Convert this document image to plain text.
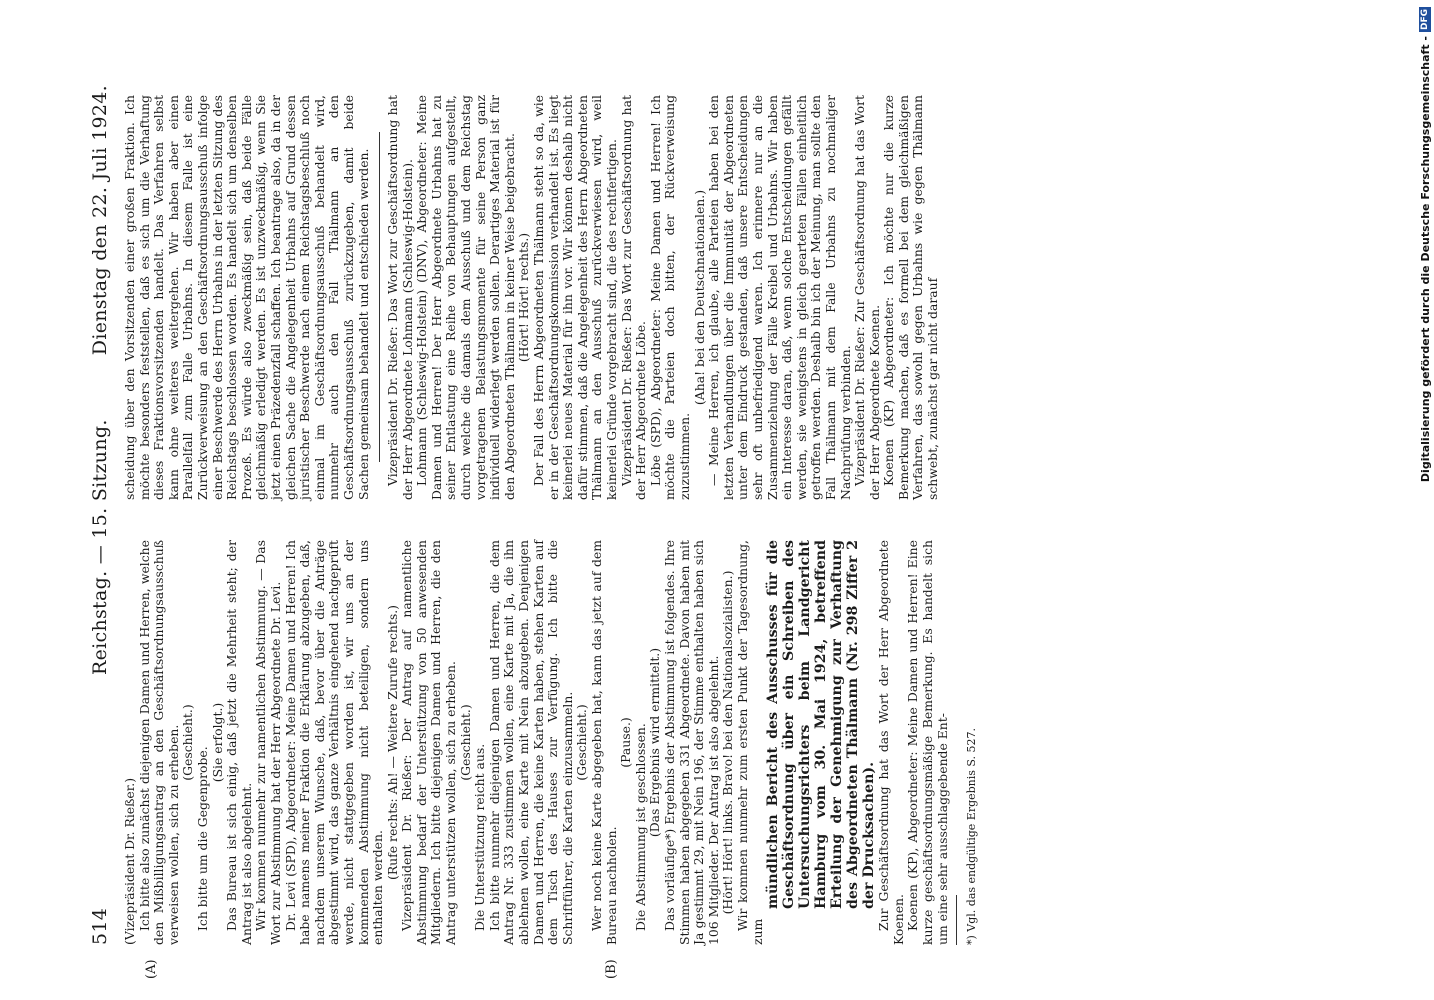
514
Reichstag. — 15. Sitzung.
Dienstag den 22. Juli 1924.
(A)	(B)

(Vizepräsident Dr. Rießer.) Ich bitte also zunächst diejenigen Damen und Herren, welche den Mißbilligungsantrag an den Geschäftsordnungsausschuß verweisen wollen, sich zu erheben. (Geschieht.)

Ich bitte um die Gegenprobe.

(Sie erfolgt.) Das Bureau ist sich einig, daß jetzt die Mehrheit steht; der Antrag ist also abgelehnt. Wir kommen nunmehr zur namentlichen Abstimmung. — Das Wort zur Abstimmung hat der Herr Abgeordnete Dr. Levi. Dr. Levi (SPD), Abgeordneter: Meine Damen und Herren! Ich habe namens meiner Fraktion die Erklärung abzugeben, daß, nachdem unserem Wunsche, daß, bevor über die Anträge abgestimmt wird, das ganze Verhältnis eingehend nachgeprüft werde, nicht stattgegeben worden ist, wir uns an der kommenden Abstimmung nicht beteiligen, sondern uns enthalten werden.

(Rufe rechts: Ah! — Weitere Zurufe rechts.) Vizepräsident Dr. Rießer: Der Antrag auf namentliche Abstimmung bedarf der Unterstützung von 50 anwesenden Mitgliedern. Ich bitte diejenigen Damen und Herren, die den Antrag unterstützen wollen, sich zu erheben. (Geschieht.)

Die Unterstützung reicht aus. Ich bitte nunmehr diejenigen Damen und Herren, die dem Antrag Nr. 333 zustimmen wollen, eine Karte mit Ja, die ihn ablehnen wollen, eine Karte mit Nein abzugeben. Denjenigen Damen und Herren, die keine Karten haben, stehen Karten auf dem Tisch des Hauses zur Verfügung. Ich bitte die Schriftführer, die Karten einzusammeln. (Geschieht.) Wer noch keine Karte abgegeben hat, kann das jetzt auf dem Bureau nachholen.

(Pause.) Die Abstimmung ist geschlossen. (Das Ergebnis wird ermittelt.) Das vorläufige*) Ergebnis der Abstimmung ist folgendes. Ihre Stimmen haben abgegeben 331 Abgeordnete. Davon haben mit Ja gestimmt 29, mit Nein 196, der Stimme enthalten haben sich 106 Mitglieder. Der Antrag ist also abgelehnt. (Hört! Hört! links. Bravo! bei den Nationalsozialisten.) Wir kommen nunmehr zum ersten Punkt der Tagesordnung, zum

mündlichen Bericht des Ausschusses für die Geschäftsordnung über ein Schreiben des Untersuchungsrichters beim Landgericht Hamburg vom 30. Mai 1924, betreffend Erteilung der Genehmigung zur Verhaftung des Abgeordneten Thälmann (Nr. 298 Ziffer 2 der Drucksachen). Zur Geschäftsordnung hat das Wort der Herr Abgeordnete Koenen. Koenen (KP), Abgeordneter: Meine Damen und Herren! Eine kurze geschäftsordnungsmäßige Bemerkung. Es handelt sich um eine sehr ausschlaggebende Ent- *) Vgl. das endgültige Ergebnis S. 527.

scheidung über den Vorsitzenden einer großen Fraktion. Ich möchte besonders feststellen, daß es sich um die Verhaftung dieses Fraktionsvorsitzenden handelt. Das Verfahren selbst kann ohne weiteres weitergehen. Wir haben aber einen Parallelfall zum Falle Urbahns. In diesem Falle ist eine Zurückverweisung an den Geschäftsordnungsausschuß infolge einer Beschwerde des Herrn Urbahns in der letzten Sitzung des Reichstags beschlossen worden. Es handelt sich um denselben Prozeß. Es würde also zweckmäßig sein, daß beide Fälle gleichmäßig erledigt werden. Es ist unzweckmäßig, wenn Sie jetzt einen Präzedenzfall schaffen. Ich beantrage also, da in der gleichen Sache die Angelegenheit Urbahns auf Grund dessen juristischer Beschwerde nach einem Reichstagsbeschluß noch einmal im Geschäftsordnungsausschuß behandelt wird, nunmehr auch den Fall Thälmann an den Geschäftsordnungsausschuß zurückzugeben, damit beide Sachen gemeinsam behandelt und entschieden werden. Vizepräsident Dr. Rießer: Das Wort zur Geschäftsordnung hat der Herr Abgeordnete Lohmann (Schleswig-Holstein). Lohmann (Schleswig-Holstein) (DNV), Abgeordneter: Meine Damen und Herren! Der Herr Abgeordnete Urbahns hat zu seiner Entlastung eine Reihe von Behauptungen aufgestellt, durch welche die damals dem Ausschuß und dem Reichstag vorgetragenen Belastungsmomente für seine Person ganz individuell widerlegt werden sollen. Derartiges Material ist für den Abgeordneten Thälmann in keiner Weise beigebracht. (Hört! Hört! rechts.) Der Fall des Herrn Abgeordneten Thälmann steht so da, wie er in der Geschäftsordnungskommission verhandelt ist. Es liegt keinerlei neues Material für ihn vor. Wir können deshalb nicht dafür stimmen, daß die Angelegenheit des Herrn Abgeordneten Thälmann an den Ausschuß zurückverwiesen wird, weil keinerlei Gründe vorgebracht sind, die des rechtfertigen. Vizepräsident Dr. Rießer: Das Wort zur Geschäftsordnung hat der Herr Abgeordnete Löbe. Löbe (SPD), Abgeordneter: Meine Damen und Herren! Ich möchte die Parteien doch bitten, der Rückverweisung zuzustimmen.

(Aha! bei den Deutschnationalen.) — Meine Herren, ich glaube, alle Parteien haben bei den letzten Verhandlungen über die Immunität der Abgeordneten unter dem Eindruck gestanden, daß unsere Entscheidungen sehr oft unbefriedigend waren. Ich erinnere nur an die Zusammenziehung der Fälle Kreibel und Urbahns. Wir haben ein Interesse daran, daß, wenn solche Entscheidungen gefällt werden, sie wenigstens in gleich gearteten Fällen einheitlich getroffen werden. Deshalb bin ich der Meinung, man sollte den Fall Thälmann mit dem Falle Urbahns zu nochmaliger Nachprüfung verbinden. Vizepräsident Dr. Rießer: Zur Geschäftsordnung hat das Wort der Herr Abgeordnete Koenen. Koenen (KP) Abgeordneter: Ich möchte nur die kurze Bemerkung machen, daß es formell bei dem gleichmäßigen Verfahren, das sowohl gegen Urbahns wie gegen Thälmann schwebt, zunächst gar nicht darauf	Digitalisierung gefördert durch die Deutsche Forschungsgemeinschaft -
DFG
